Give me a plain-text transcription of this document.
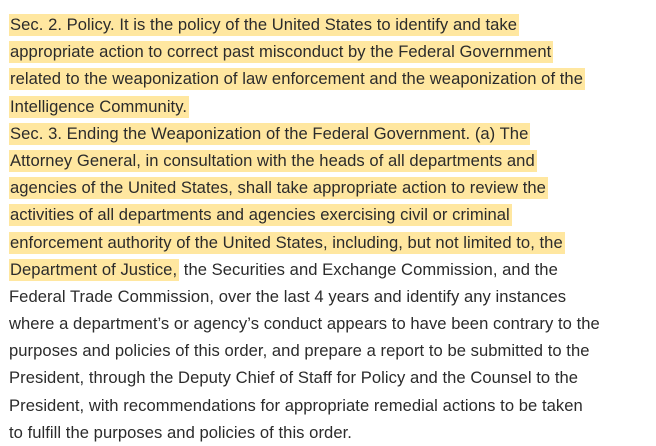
Sec. 2. Policy. It is the policy of the United States to identify and take
appropriate action to correct past misconduct by the Federal Government
related to the weaponization of law enforcement and the weaponization of the
Intelligence Community.
Sec. 3. Ending the Weaponization of the Federal Government. (a) The
Attorney General, in consultation with the heads of all departments and
agencies of the United States, shall take appropriate action to review the
activities of all departments and agencies exercising civil or criminal
enforcement authority of the United States, including, but not limited to, the
Department of Justice, the Securities and Exchange Commission, and the
Federal Trade Commission, over the last 4 years and identify any instances
where a department’s or agency’s conduct appears to have been contrary to the
purposes and policies of this order, and prepare a report to be submitted to the
President, through the Deputy Chief of Staff for Policy and the Counsel to the
President, with recommendations for appropriate remedial actions to be taken
to fulfill the purposes and policies of this order.
